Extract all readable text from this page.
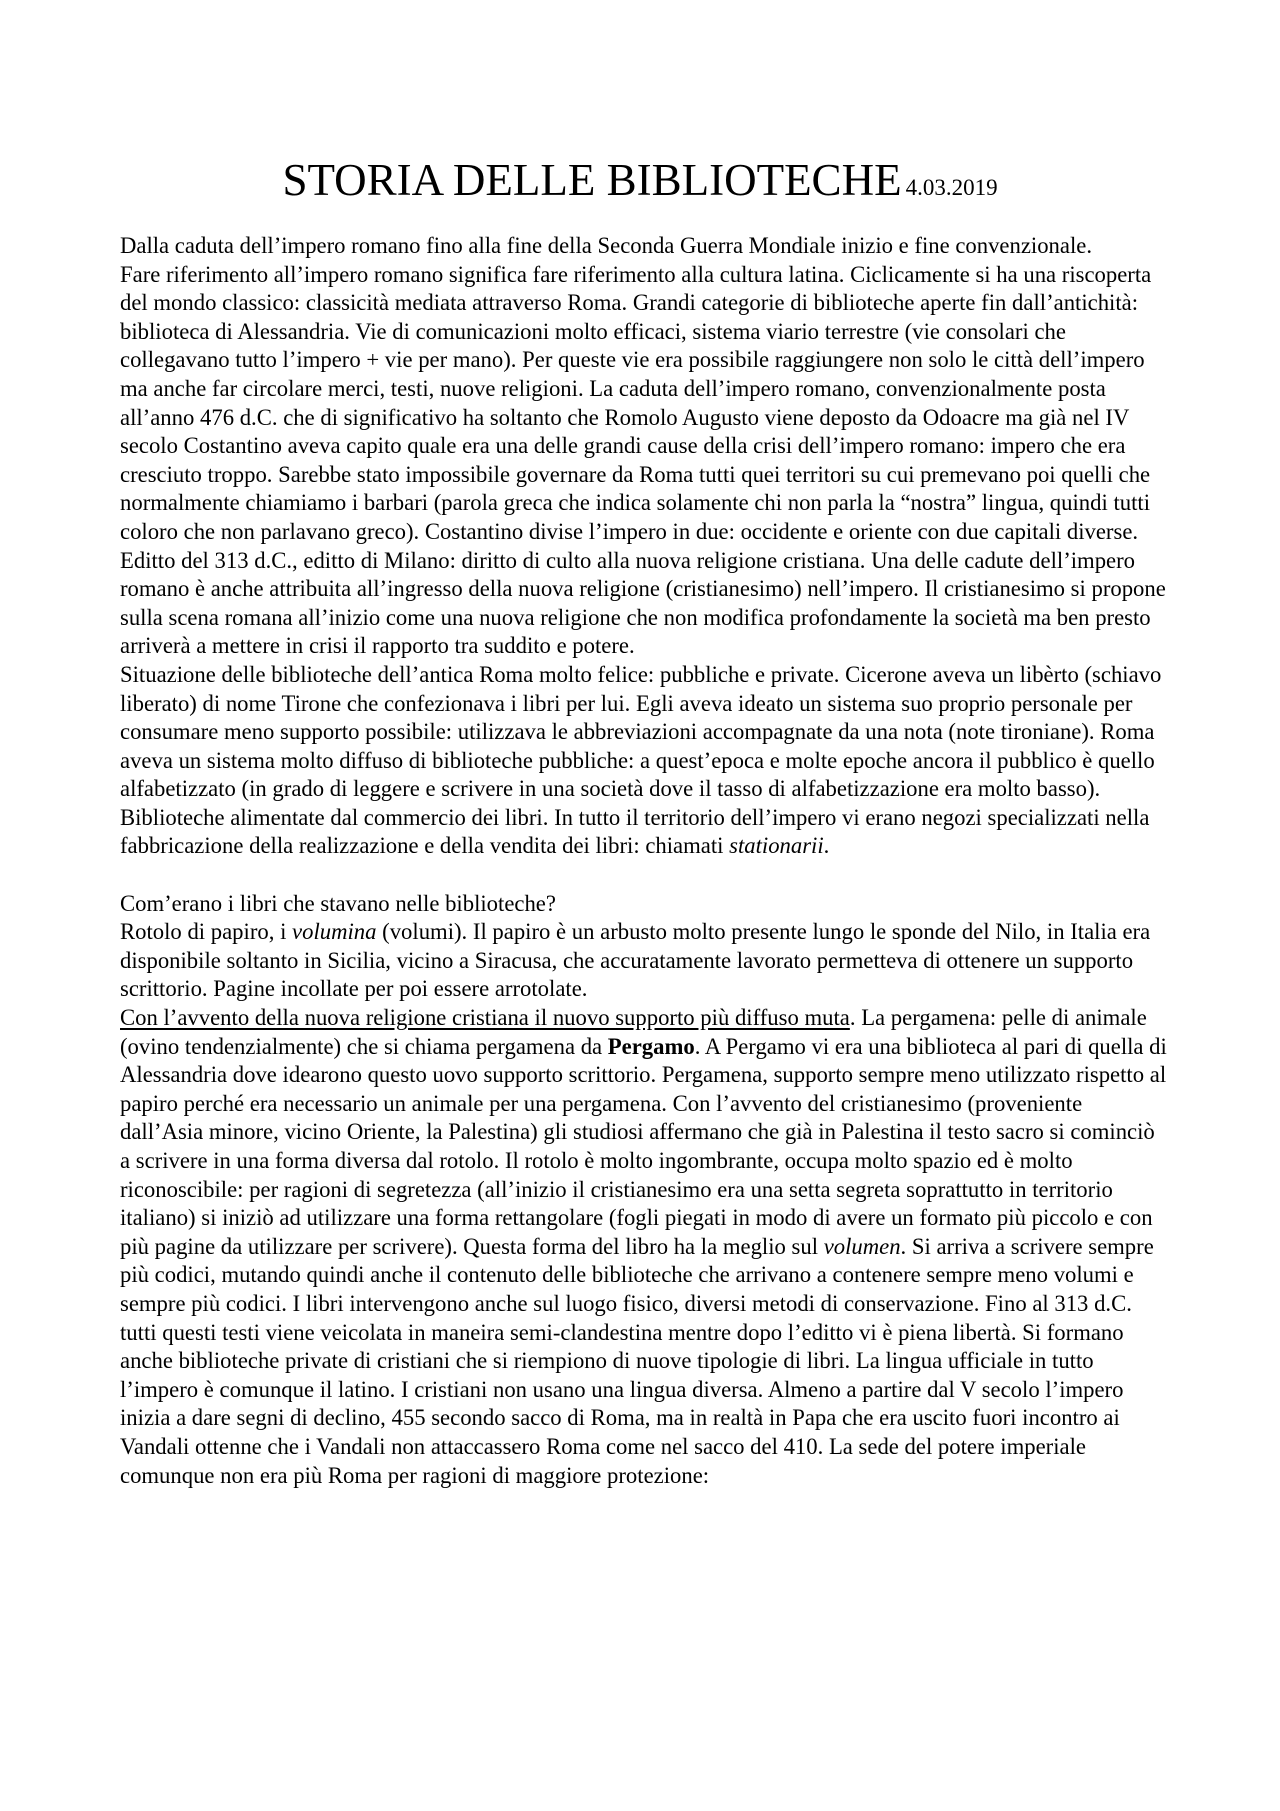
STORIA DELLE BIBLIOTECHE 4.03.2019

Dalla caduta dell’impero romano fino alla fine della Seconda Guerra Mondiale inizio e fine convenzionale.

Fare riferimento all’impero romano significa fare riferimento alla cultura latina. Ciclicamente si ha una riscoperta del mondo classico: classicità mediata attraverso Roma. Grandi categorie di biblioteche aperte fin dall’antichità: biblioteca di Alessandria. Vie di comunicazioni molto efficaci, sistema viario terrestre (vie consolari che collegavano tutto l’impero + vie per mano). Per queste vie era possibile raggiungere non solo le città dell’impero ma anche far circolare merci, testi, nuove religioni. La caduta dell’impero romano, convenzionalmente posta all’anno 476 d.C. che di significativo ha soltanto che Romolo Augusto viene deposto da Odoacre ma già nel IV secolo Costantino aveva capito quale era una delle grandi cause della crisi dell’impero romano: impero che era cresciuto troppo. Sarebbe stato impossibile governare da Roma tutti quei territori su cui premevano poi quelli che normalmente chiamiamo i barbari (parola greca che indica solamente chi non parla la “nostra” lingua, quindi tutti coloro che non parlavano greco). Costantino divise l’impero in due: occidente e oriente con due capitali diverse. Editto del 313 d.C., editto di Milano: diritto di culto alla nuova religione cristiana. Una delle cadute dell’impero romano è anche attribuita all’ingresso della nuova religione (cristianesimo) nell’impero. Il cristianesimo si propone sulla scena romana all’inizio come una nuova religione che non modifica profondamente la società ma ben presto arriverà a mettere in crisi il rapporto tra suddito e potere.

Situazione delle biblioteche dell’antica Roma molto felice: pubbliche e private. Cicerone aveva un libèrto (schiavo liberato) di nome Tirone che confezionava i libri per lui. Egli aveva ideato un sistema suo proprio personale per consumare meno supporto possibile: utilizzava le abbreviazioni accompagnate da una nota (note tironiane). Roma aveva un sistema molto diffuso di biblioteche pubbliche: a quest’epoca e molte epoche ancora il pubblico è quello alfabetizzato (in grado di leggere e scrivere in una società dove il tasso di alfabetizzazione era molto basso). Biblioteche alimentate dal commercio dei libri. In tutto il territorio dell’impero vi erano negozi specializzati nella fabbricazione della realizzazione e della vendita dei libri: chiamati stationarii.

Com’erano i libri che stavano nelle biblioteche?

Rotolo di papiro, i volumina (volumi). Il papiro è un arbusto molto presente lungo le sponde del Nilo, in Italia era disponibile soltanto in Sicilia, vicino a Siracusa, che accuratamente lavorato permetteva di ottenere un supporto scrittorio. Pagine incollate per poi essere arrotolate.

Con l’avvento della nuova religione cristiana il nuovo supporto più diffuso muta. La pergamena: pelle di animale (ovino tendenzialmente) che si chiama pergamena da Pergamo. A Pergamo vi era una biblioteca al pari di quella di Alessandria dove idearono questo uovo supporto scrittorio. Pergamena, supporto sempre meno utilizzato rispetto al papiro perché era necessario un animale per una pergamena. Con l’avvento del cristianesimo (proveniente dall’Asia minore, vicino Oriente, la Palestina) gli studiosi affermano che già in Palestina il testo sacro si cominciò a scrivere in una forma diversa dal rotolo. Il rotolo è molto ingombrante, occupa molto spazio ed è molto riconoscibile: per ragioni di segretezza (all’inizio il cristianesimo era una setta segreta soprattutto in territorio italiano) si iniziò ad utilizzare una forma rettangolare (fogli piegati in modo di avere un formato più piccolo e con più pagine da utilizzare per scrivere). Questa forma del libro ha la meglio sul volumen. Si arriva a scrivere sempre più codici, mutando quindi anche il contenuto delle biblioteche che arrivano a contenere sempre meno volumi e sempre più codici. I libri intervengono anche sul luogo fisico, diversi metodi di conservazione. Fino al 313 d.C. tutti questi testi viene veicolata in maneira semi-clandestina mentre dopo l’editto vi è piena libertà. Si formano anche biblioteche private di cristiani che si riempiono di nuove tipologie di libri. La lingua ufficiale in tutto l’impero è comunque il latino. I cristiani non usano una lingua diversa. Almeno a partire dal V secolo l’impero inizia a dare segni di declino, 455 secondo sacco di Roma, ma in realtà in Papa che era uscito fuori incontro ai Vandali ottenne che i Vandali non attaccassero Roma come nel sacco del 410. La sede del potere imperiale comunque non era più Roma per ragioni di maggiore protezione:
